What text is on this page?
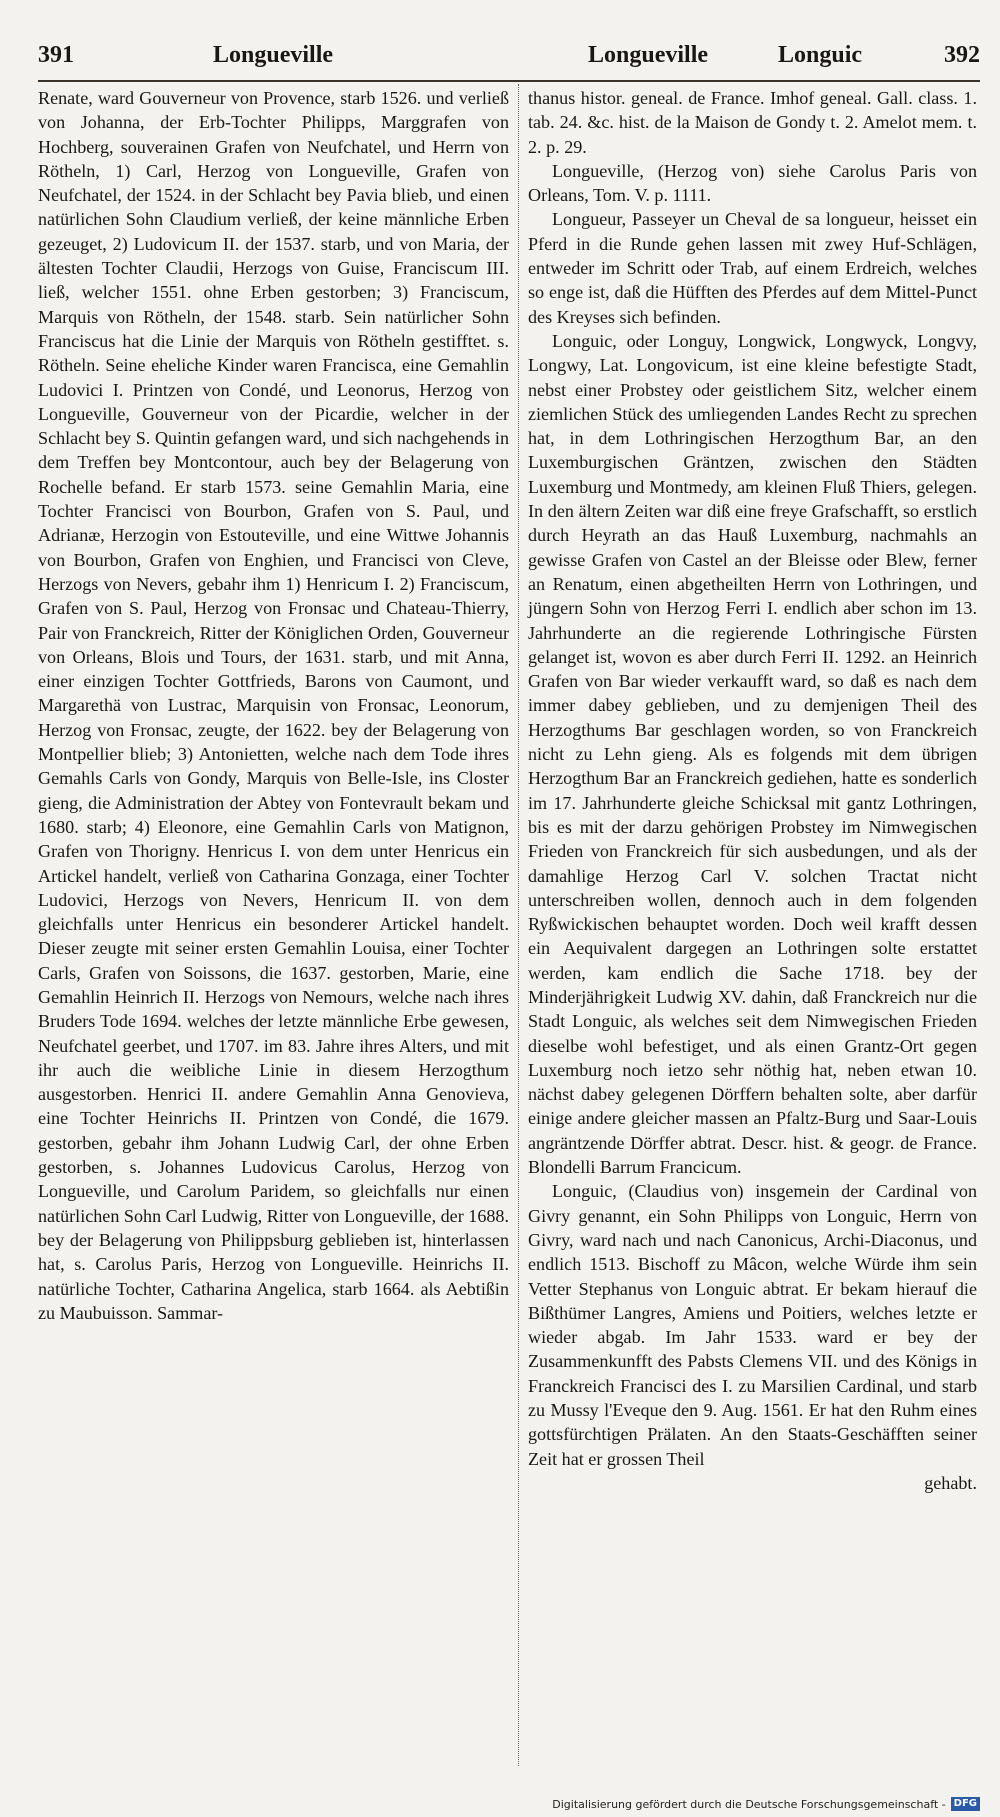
391	Longueville	Longueville	Longuic	392

Renate, ward Gouverneur von Provence, starb 1526. und verließ von Johanna, der Erb-Tochter Philipps, Marggrafen von Hochberg, souverainen Grafen von Neufchatel, und Herrn von Rötheln, 1) Carl, Herzog von Longueville, Grafen von Neufchatel, der 1524. in der Schlacht bey Pavia blieb, und einen natürlichen Sohn Claudium verließ, der keine männliche Erben gezeuget, 2) Ludovicum II. der 1537. starb, und von Maria, der ältesten Tochter Claudii, Herzogs von Guise, Franciscum III. ließ, welcher 1551. ohne Erben gestorben; 3) Franciscum, Marquis von Rötheln, der 1548. starb. Sein natürlicher Sohn Franciscus hat die Linie der Marquis von Rötheln gestifftet. s. Rötheln. Seine eheliche Kinder waren Francisca, eine Gemahlin Ludovici I. Printzen von Condé, und Leonorus, Herzog von Longueville, Gouverneur von der Picardie, welcher in der Schlacht bey S. Quintin gefangen ward, und sich nachgehends in dem Treffen bey Montcontour, auch bey der Belagerung von Rochelle befand. Er starb 1573. seine Gemahlin Maria, eine Tochter Francisci von Bourbon, Grafen von S. Paul, und Adrianæ, Herzogin von Estouteville, und eine Wittwe Johannis von Bourbon, Grafen von Enghien, und Francisci von Cleve, Herzogs von Nevers, gebahr ihm 1) Henricum I. 2) Franciscum, Grafen von S. Paul, Herzog von Fronsac und Chateau-Thierry, Pair von Franckreich, Ritter der Königlichen Orden, Gouverneur von Orleans, Blois und Tours, der 1631. starb, und mit Anna, einer einzigen Tochter Gottfrieds, Barons von Caumont, und Margarethä von Lustrac, Marquisin von Fronsac, Leonorum, Herzog von Fronsac, zeugte, der 1622. bey der Belagerung von Montpellier blieb; 3) Antonietten, welche nach dem Tode ihres Gemahls Carls von Gondy, Marquis von Belle-Isle, ins Closter gieng, die Administration der Abtey von Fontevrault bekam und 1680. starb; 4) Eleonore, eine Gemahlin Carls von Matignon, Grafen von Thorigny. Henricus I. von dem unter Henricus ein Artickel handelt, verließ von Catharina Gonzaga, einer Tochter Ludovici, Herzogs von Nevers, Henricum II. von dem gleichfalls unter Henricus ein besonderer Artickel handelt. Dieser zeugte mit seiner ersten Gemahlin Louisa, einer Tochter Carls, Grafen von Soissons, die 1637. gestorben, Marie, eine Gemahlin Heinrich II. Herzogs von Nemours, welche nach ihres Bruders Tode 1694. welches der letzte männliche Erbe gewesen, Neufchatel geerbet, und 1707. im 83. Jahre ihres Alters, und mit ihr auch die weibliche Linie in diesem Herzogthum ausgestorben. Henrici II. andere Gemahlin Anna Genovieva, eine Tochter Heinrichs II. Printzen von Condé, die 1679. gestorben, gebahr ihm Johann Ludwig Carl, der ohne Erben gestorben, s. Johannes Ludovicus Carolus, Herzog von Longueville, und Carolum Paridem, so gleichfalls nur einen natürlichen Sohn Carl Ludwig, Ritter von Longueville, der 1688. bey der Belagerung von Philippsburg geblieben ist, hinterlassen hat, s. Carolus Paris, Herzog von Longueville. Heinrichs II. natürliche Tochter, Catharina Angelica, starb 1664. als Aebtißin zu Maubuisson. Sammar-

thanus histor. geneal. de France. Imhof geneal. Gall. class. 1. tab. 24. &c. hist. de la Maison de Gondy t. 2. Amelot mem. t. 2. p. 29.

Longueville, (Herzog von) siehe Carolus Paris von Orleans, Tom. V. p. 1111.

Longueur, Passeyer un Cheval de sa longueur, heisset ein Pferd in die Runde gehen lassen mit zwey Huf-Schlägen, entweder im Schritt oder Trab, auf einem Erdreich, welches so enge ist, daß die Hüfften des Pferdes auf dem Mittel-Punct des Kreyses sich befinden.

Longuic, oder Longuy, Longwick, Longwyck, Longvy, Longwy, Lat. Longovicum, ist eine kleine befestigte Stadt, nebst einer Probstey oder geistlichem Sitz, welcher einem ziemlichen Stück des umliegenden Landes Recht zu sprechen hat, in dem Lothringischen Herzogthum Bar, an den Luxemburgischen Gräntzen, zwischen den Städten Luxemburg und Montmedy, am kleinen Fluß Thiers, gelegen. In den ältern Zeiten war diß eine freye Grafschafft, so erstlich durch Heyrath an das Hauß Luxemburg, nachmahls an gewisse Grafen von Castel an der Bleisse oder Blew, ferner an Renatum, einen abgetheilten Herrn von Lothringen, und jüngern Sohn von Herzog Ferri I. endlich aber schon im 13. Jahrhunderte an die regierende Lothringische Fürsten gelanget ist, wovon es aber durch Ferri II. 1292. an Heinrich Grafen von Bar wieder verkaufft ward, so daß es nach dem immer dabey geblieben, und zu demjenigen Theil des Herzogthums Bar geschlagen worden, so von Franckreich nicht zu Lehn gieng. Als es folgends mit dem übrigen Herzogthum Bar an Franckreich gediehen, hatte es sonderlich im 17. Jahrhunderte gleiche Schicksal mit gantz Lothringen, bis es mit der darzu gehörigen Probstey im Nimwegischen Frieden von Franckreich für sich ausbedungen, und als der damahlige Herzog Carl V. solchen Tractat nicht unterschreiben wollen, dennoch auch in dem folgenden Ryßwickischen behauptet worden. Doch weil krafft dessen ein Aequivalent dargegen an Lothringen solte erstattet werden, kam endlich die Sache 1718. bey der Minderjährigkeit Ludwig XV. dahin, daß Franckreich nur die Stadt Longuic, als welches seit dem Nimwegischen Frieden dieselbe wohl befestiget, und als einen Grantz-Ort gegen Luxemburg noch ietzo sehr nöthig hat, neben etwan 10. nächst dabey gelegenen Dörffern behalten solte, aber darfür einige andere gleicher massen an Pfaltz-Burg und Saar-Louis angräntzende Dörffer abtrat. Descr. hist. & geogr. de France. Blondelli Barrum Francicum.

Longuic, (Claudius von) insgemein der Cardinal von Givry genannt, ein Sohn Philipps von Longuic, Herrn von Givry, ward nach und nach Canonicus, Archi-Diaconus, und endlich 1513. Bischoff zu Mâcon, welche Würde ihm sein Vetter Stephanus von Longuic abtrat. Er bekam hierauf die Bißthümer Langres, Amiens und Poitiers, welches letzte er wieder abgab. Im Jahr 1533. ward er bey der Zusammenkunfft des Pabsts Clemens VII. und des Königs in Franckreich Francisci des I. zu Marsilien Cardinal, und starb zu Mussy l'Eveque den 9. Aug. 1561. Er hat den Ruhm eines gottsfürchtigen Prälaten. An den Staats-Geschäfften seiner Zeit hat er grossen Theil

gehabt.

Digitalisierung gefördert durch die Deutsche Forschungsgemeinschaft - DFG
